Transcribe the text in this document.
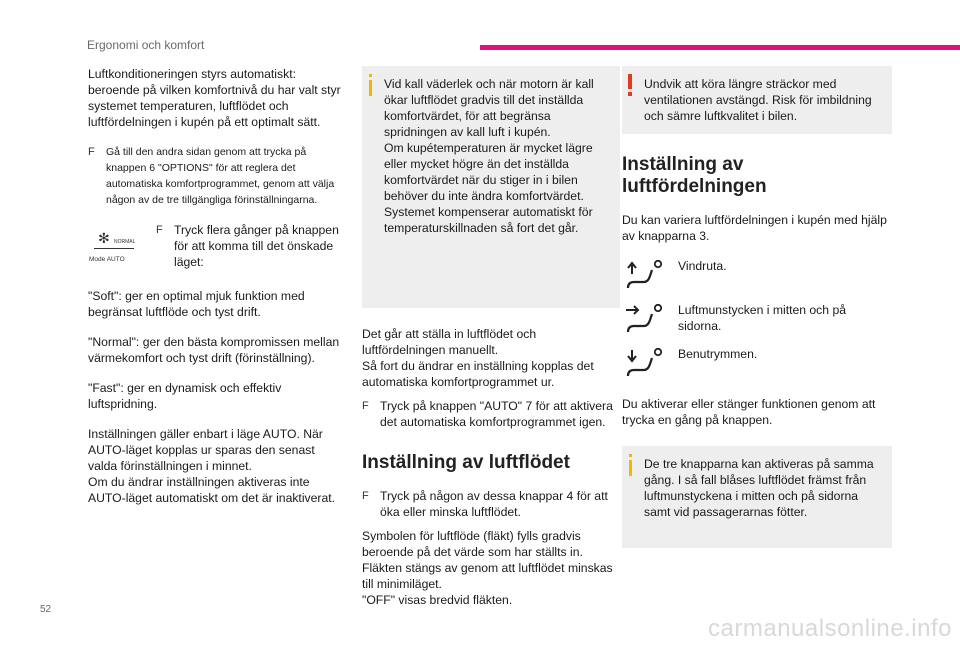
Ergonomi och komfort

Luftkonditioneringen styrs automatiskt: beroende på vilken komfortnivå du har valt styr systemet temperaturen, luftflödet och luftfördelningen i kupén på ett optimalt sätt.

F	Gå till den andra sidan genom att trycka på knappen 6 "OPTIONS" för att reglera det automatiska komfortprogrammet, genom att välja någon av de tre tillgängliga förinställningarna.
✻ NORMAL
Mode AUTO
F Tryck flera gånger på knappen för att komma till det önskade läget:

"Soft": ger en optimal mjuk funktion med begränsat luftflöde och tyst drift.

"Normal": ger den bästa kompromissen mellan värmekomfort och tyst drift (förinställning).

"Fast": ger en dynamisk och effektiv luftspridning.

Inställningen gäller enbart i läge AUTO. När AUTO-läget kopplas ur sparas den senast valda förinställningen i minnet.

Om du ändrar inställningen aktiveras inte AUTO-läget automatiskt om det är inaktiverat.

Vid kall väderlek och när motorn är kall ökar luftflödet gradvis till det inställda komfortvärdet, för att begränsa spridningen av kall luft i kupén.
Om kupétemperaturen är mycket lägre eller mycket högre än det inställda komfortvärdet när du stiger in i bilen behöver du inte ändra komfortvärdet. Systemet kompenserar automatiskt för temperaturskillnaden så fort det går.

Det går att ställa in luftflödet och luftfördelningen manuellt.

Så fort du ändrar en inställning kopplas det automatiska komfortprogrammet ur.

F Tryck på knappen "AUTO" 7 för att aktivera det automatiska komfortprogrammet igen.
Inställning av luftflödet
F Tryck på någon av dessa knappar 4 för att öka eller minska luftflödet.

Symbolen för luftflöde (fläkt) fylls gradvis beroende på det värde som har ställts in.

Fläkten stängs av genom att luftflödet minskas till minimiläget.

"OFF" visas bredvid fläkten.

Undvik att köra längre sträckor med ventilationen avstängd. Risk för imbildning och sämre luftkvalitet i bilen.
Inställning av luftfördelningen

Du kan variera luftfördelningen i kupén med hjälp av knapparna 3.

Vindruta.
Luftmunstycken i mitten och på sidorna.
Benutrymmen.

Du aktiverar eller stänger funktionen genom att trycka en gång på knappen.

De tre knapparna kan aktiveras på samma gång. I så fall blåses luftflödet främst från luftmunstyckena i mitten och på sidorna samt vid passagerarnas fötter.
52
carmanualsonline.info
